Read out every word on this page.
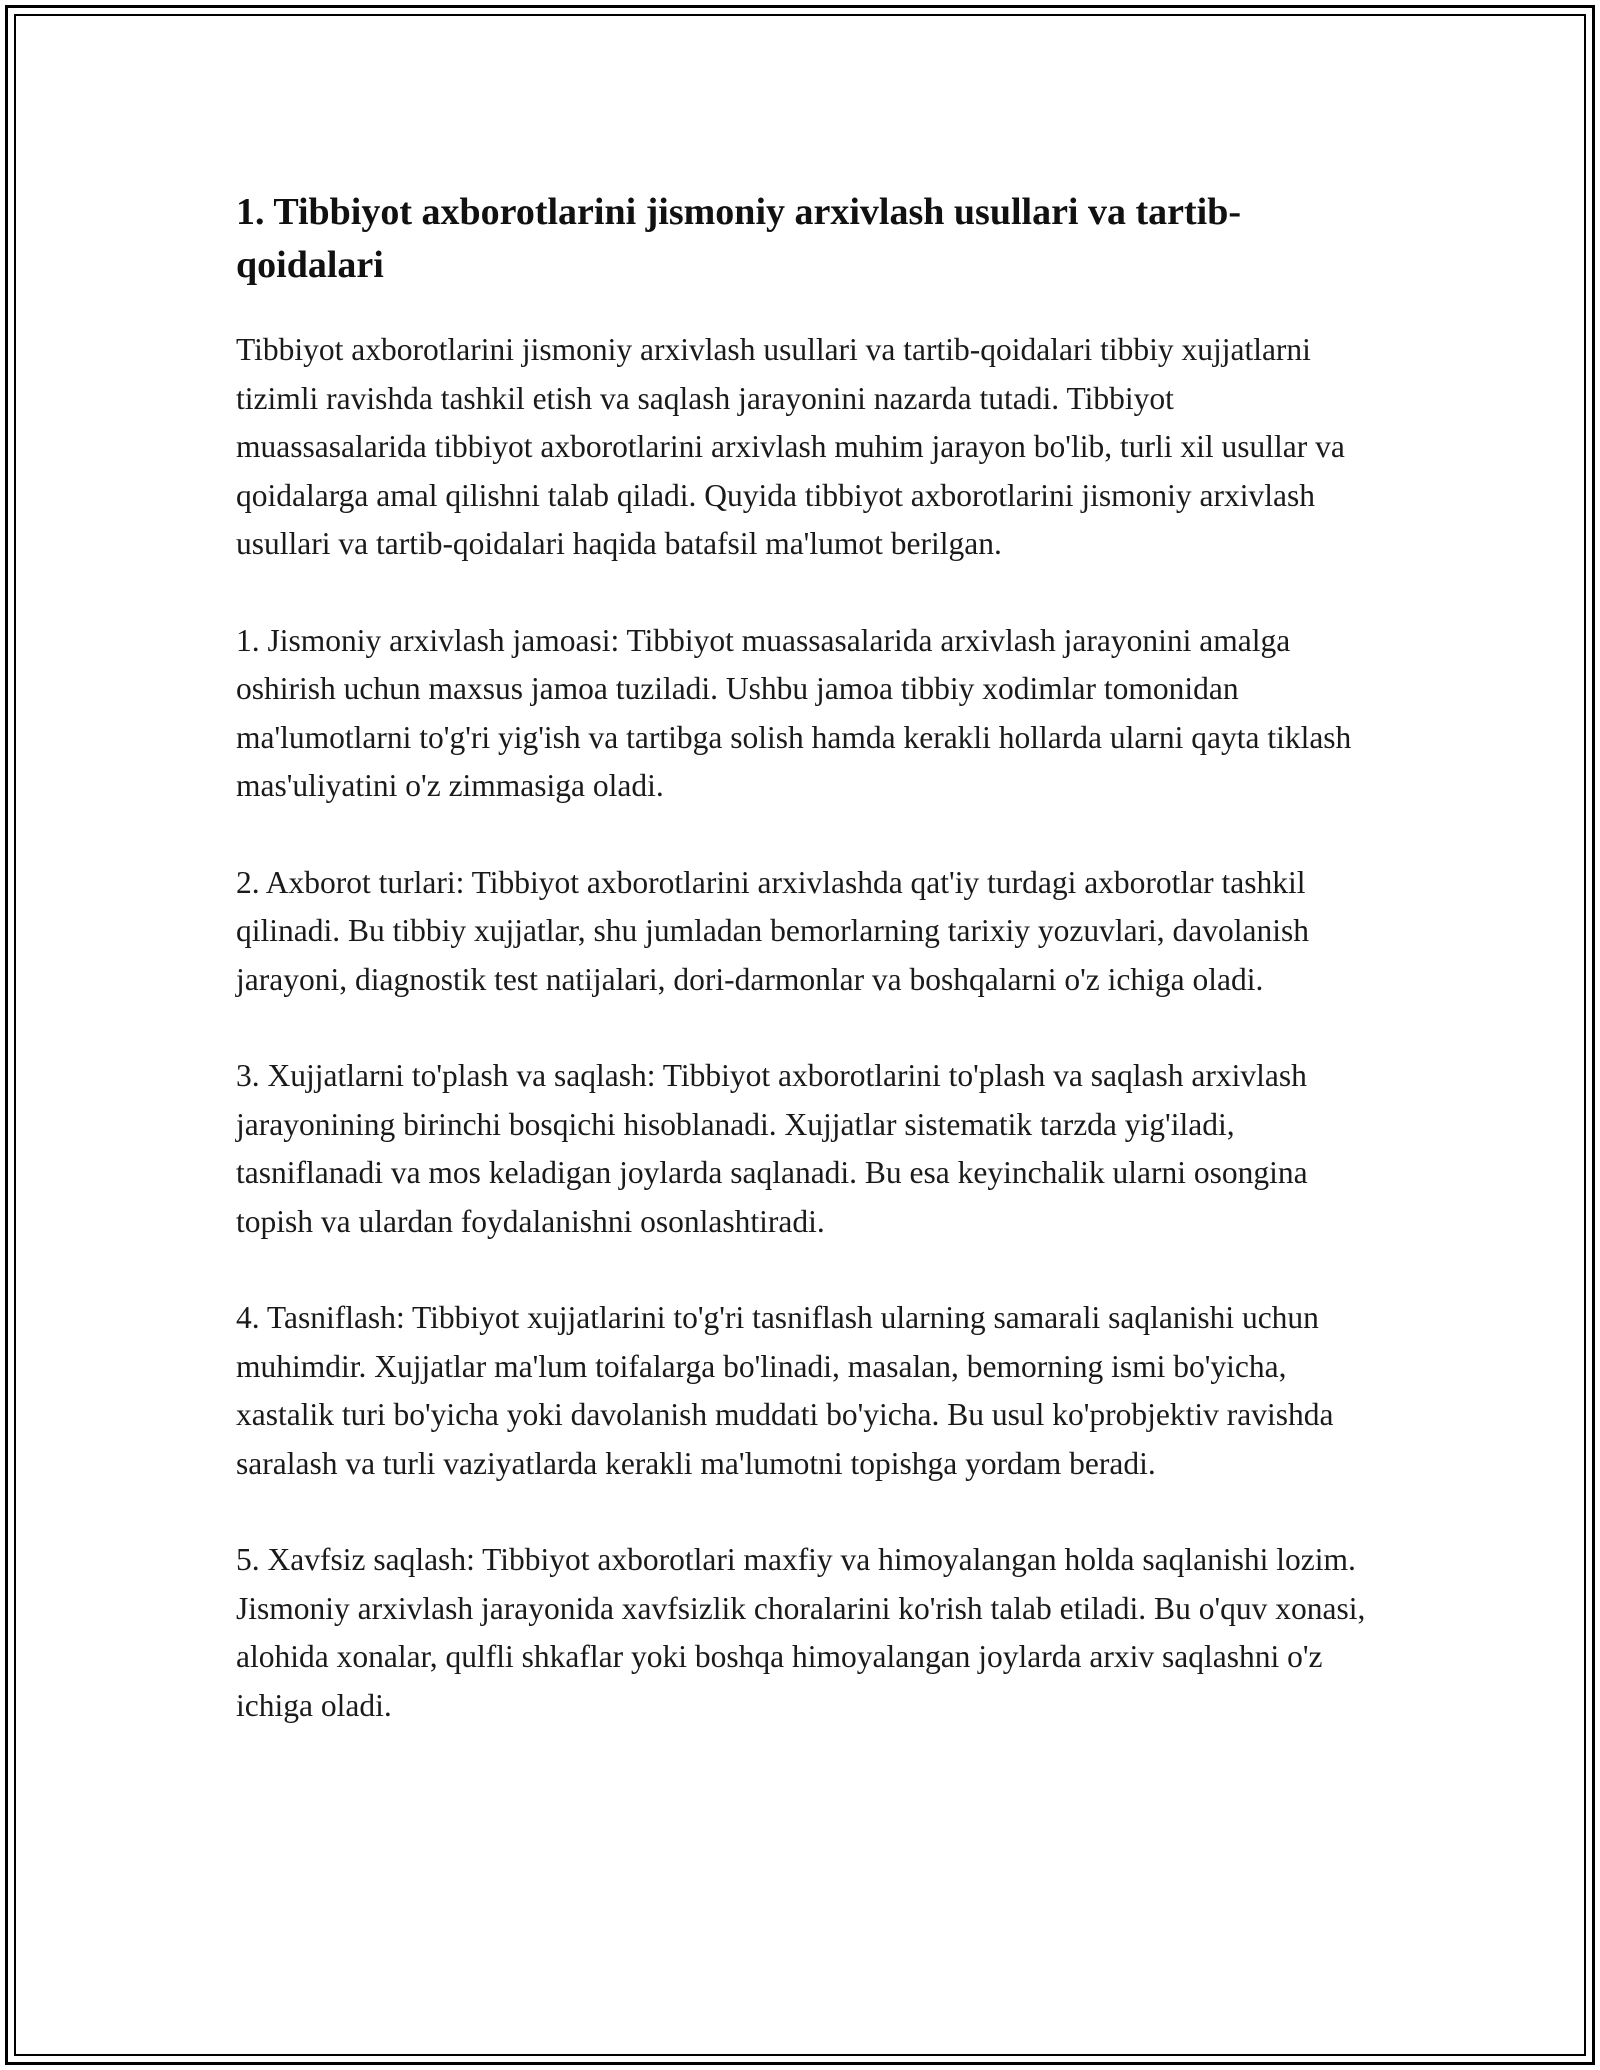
1. Tibbiyot axborotlarini jismoniy arxivlash usullari va tartib-qoidalari

Tibbiyot axborotlarini jismoniy arxivlash usullari va tartib-qoidalari tibbiy xujjatlarni tizimli ravishda tashkil etish va saqlash jarayonini nazarda tutadi. Tibbiyot muassasalarida tibbiyot axborotlarini arxivlash muhim jarayon bo'lib, turli xil usullar va qoidalarga amal qilishni talab qiladi. Quyida tibbiyot axborotlarini jismoniy arxivlash usullari va tartib-qoidalari haqida batafsil ma'lumot berilgan.

1. Jismoniy arxivlash jamoasi: Tibbiyot muassasalarida arxivlash jarayonini amalga oshirish uchun maxsus jamoa tuziladi. Ushbu jamoa tibbiy xodimlar tomonidan ma'lumotlarni to'g'ri yig'ish va tartibga solish hamda kerakli hollarda ularni qayta tiklash mas'uliyatini o'z zimmasiga oladi.

2. Axborot turlari: Tibbiyot axborotlarini arxivlashda qat'iy turdagi axborotlar tashkil qilinadi. Bu tibbiy xujjatlar, shu jumladan bemorlarning tarixiy yozuvlari, davolanish jarayoni, diagnostik test natijalari, dori-darmonlar va boshqalarni o'z ichiga oladi.

3. Xujjatlarni to'plash va saqlash: Tibbiyot axborotlarini to'plash va saqlash arxivlash jarayonining birinchi bosqichi hisoblanadi. Xujjatlar sistematik tarzda yig'iladi, tasniflanadi va mos keladigan joylarda saqlanadi. Bu esa keyinchalik ularni osongina topish va ulardan foydalanishni osonlashtiradi.

4. Tasniflash: Tibbiyot xujjatlarini to'g'ri tasniflash ularning samarali saqlanishi uchun muhimdir. Xujjatlar ma'lum toifalarga bo'linadi, masalan, bemorning ismi bo'yicha, xastalik turi bo'yicha yoki davolanish muddati bo'yicha. Bu usul ko'probjektiv ravishda saralash va turli vaziyatlarda kerakli ma'lumotni topishga yordam beradi.

5. Xavfsiz saqlash: Tibbiyot axborotlari maxfiy va himoyalangan holda saqlanishi lozim. Jismoniy arxivlash jarayonida xavfsizlik choralarini ko'rish talab etiladi. Bu o'quv xonasi, alohida xonalar, qulfli shkaflar yoki boshqa himoyalangan joylarda arxiv saqlashni o'z ichiga oladi.
